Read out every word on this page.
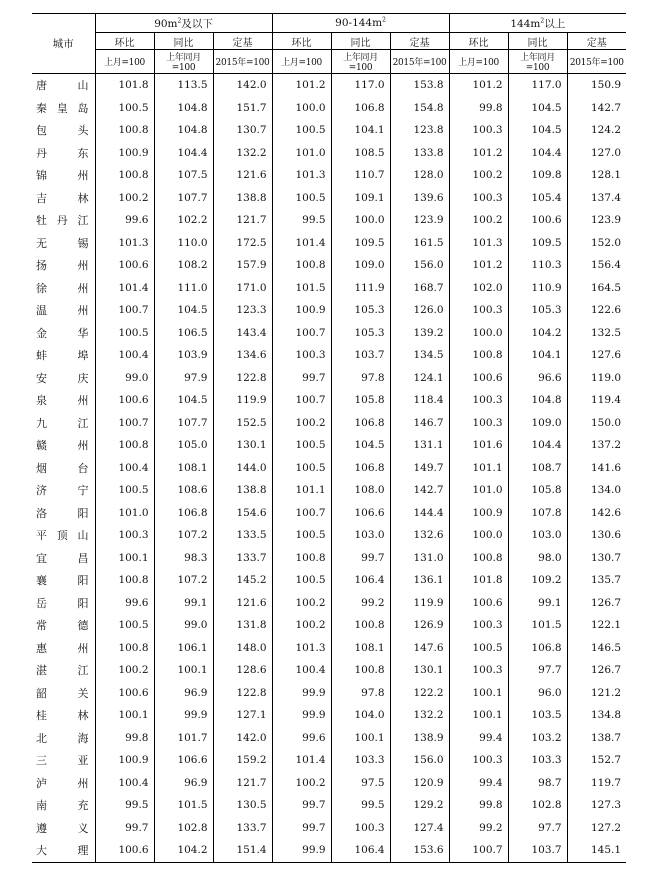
城市	$90m^2$及以下			$90-144m^2$			$144m^2$以上		
	环比	同比	定基	环比	同比	定基	环比	同比	定基
	上月=100	上年同月=100	2015年=100	上月=100	上年同月=100	2015年=100	上月=100	上年同月=100	2015年=100
唐山	101.8	113.5	142.0	101.2	117.0	153.8	101.2	117.0	150.9
秦皇岛	100.5	104.8	151.7	100.0	106.8	154.8	99.8	104.5	142.7
包头	100.8	104.8	130.7	100.5	104.1	123.8	100.3	104.5	124.2
丹东	100.9	104.4	132.2	101.0	108.5	133.8	101.2	104.4	127.0
锦州	100.8	107.5	121.6	101.3	110.7	128.0	100.2	109.8	128.1
吉林	100.2	107.7	138.8	100.5	109.1	139.6	100.3	105.4	137.4
牡丹江	99.6	102.2	121.7	99.5	100.0	123.9	100.2	100.6	123.9
无锡	101.3	110.0	172.5	101.4	109.5	161.5	101.3	109.5	152.0
扬州	100.6	108.2	157.9	100.8	109.0	156.0	101.2	110.3	156.4
徐州	101.4	111.0	171.0	101.5	111.9	168.7	102.0	110.9	164.5
温州	100.7	104.5	123.3	100.9	105.3	126.0	100.3	105.3	122.6
金华	100.5	106.5	143.4	100.7	105.3	139.2	100.0	104.2	132.5
蚌埠	100.4	103.9	134.6	100.3	103.7	134.5	100.8	104.1	127.6
安庆	99.0	97.9	122.8	99.7	97.8	124.1	100.6	96.6	119.0
泉州	100.6	104.5	119.9	100.7	105.8	118.4	100.3	104.8	119.4
九江	100.7	107.7	152.5	100.2	106.8	146.7	100.3	109.0	150.0
赣州	100.8	105.0	130.1	100.5	104.5	131.1	101.6	104.4	137.2
烟台	100.4	108.1	144.0	100.5	106.8	149.7	101.1	108.7	141.6
济宁	100.5	108.6	138.8	101.1	108.0	142.7	101.0	105.8	134.0
洛阳	101.0	106.8	154.6	100.7	106.6	144.4	100.9	107.8	142.6
平顶山	100.3	107.2	133.5	100.5	103.0	132.6	100.0	103.0	130.6
宜昌	100.1	98.3	133.7	100.8	99.7	131.0	100.8	98.0	130.7
襄阳	100.8	107.2	145.2	100.5	106.4	136.1	101.8	109.2	135.7
岳阳	99.6	99.1	121.6	100.2	99.2	119.9	100.6	99.1	126.7
常德	100.5	99.0	131.8	100.2	100.8	126.9	100.3	101.5	122.1
惠州	100.8	106.1	148.0	101.3	108.1	147.6	100.5	106.8	146.5
湛江	100.2	100.1	128.6	100.4	100.8	130.1	100.3	97.7	126.7
韶关	100.6	96.9	122.8	99.9	97.8	122.2	100.1	96.0	121.2
桂林	100.1	99.9	127.1	99.9	104.0	132.2	100.1	103.5	134.8
北海	99.8	101.7	142.0	99.6	100.1	138.9	99.4	103.2	138.7
三亚	100.9	106.6	159.2	101.4	103.3	156.0	100.3	103.3	152.7
泸州	100.4	96.9	121.7	100.2	97.5	120.9	99.4	98.7	119.7
南充	99.5	101.5	130.5	99.7	99.5	129.2	99.8	102.8	127.3
遵义	99.7	102.8	133.7	99.7	100.3	127.4	99.2	97.7	127.2
大理	100.6	104.2	151.4	99.9	106.4	153.6	100.7	103.7	145.1
